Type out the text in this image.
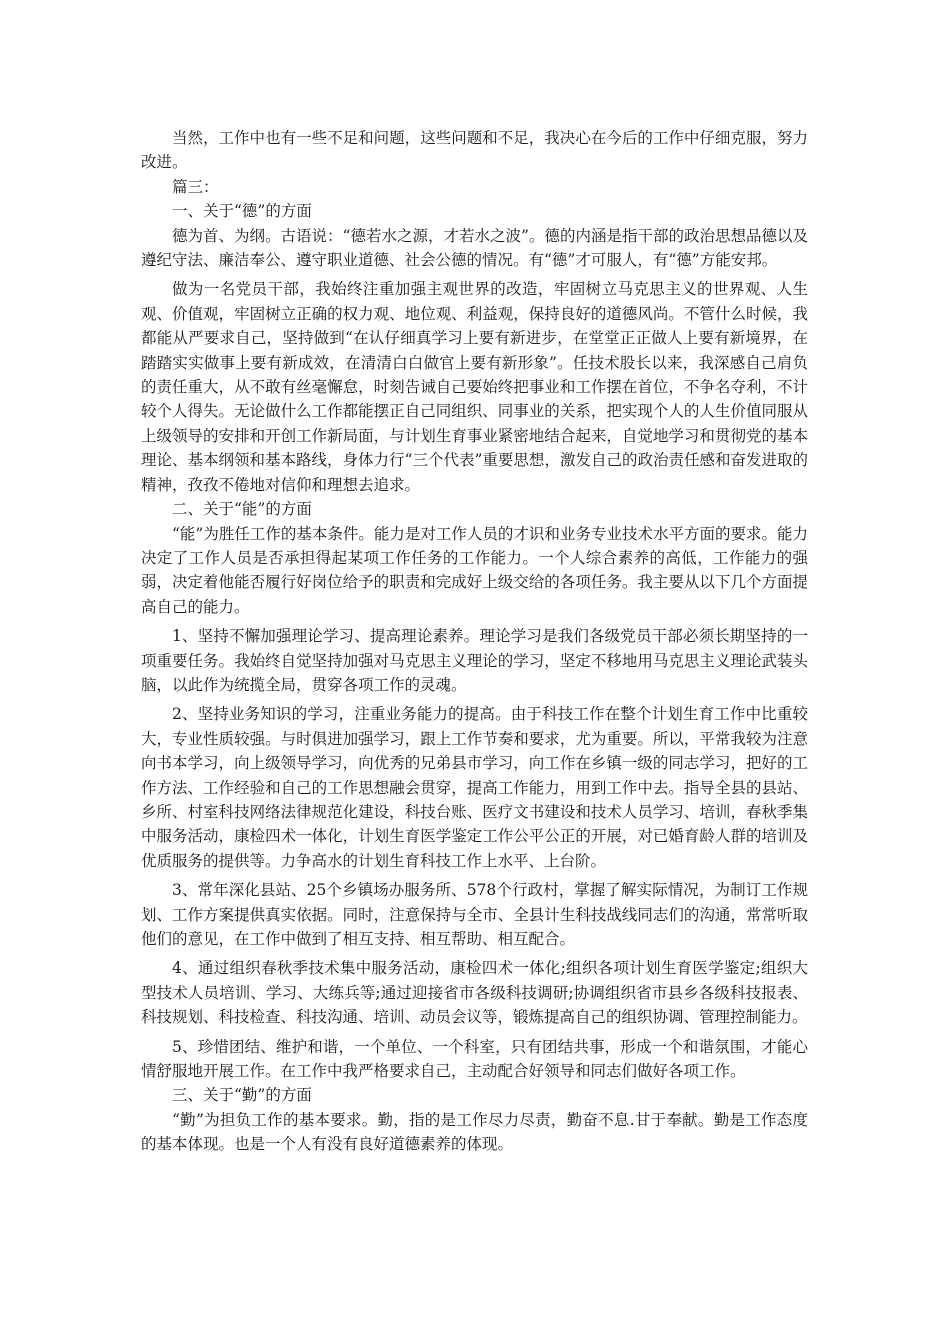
当然，工作中也有一些不足和问题，这些问题和不足，我决心在今后的工作中仔细克服，努力改进。

篇三：
一、关于“德”的方面

德为首、为纲。古语说：“德若水之源，才若水之波”。德的内涵是指干部的政治思想品德以及遵纪守法、廉洁奉公、遵守职业道德、社会公德的情况。有“德”才可服人，有“德”方能安邦。

做为一名党员干部，我始终注重加强主观世界的改造，牢固树立马克思主义的世界观、人生观、价值观，牢固树立正确的权力观、地位观、利益观，保持良好的道德风尚。不管什么时候，我都能从严要求自己，坚持做到“在认仔细真学习上要有新进步，在堂堂正正做人上要有新境界，在踏踏实实做事上要有新成效，在清清白白做官上要有新形象”。任技术股长以来，我深感自己肩负的责任重大，从不敢有丝毫懈怠，时刻告诫自己要始终把事业和工作摆在首位，不争名夺利，不计较个人得失。无论做什么工作都能摆正自己同组织、同事业的关系，把实现个人的人生价值同服从上级领导的安排和开创工作新局面，与计划生育事业紧密地结合起来，自觉地学习和贯彻党的基本理论、基本纲领和基本路线，身体力行“三个代表”重要思想，激发自己的政治责任感和奋发进取的精神，孜孜不倦地对信仰和理想去追求。

二、关于“能”的方面

“能”为胜任工作的基本条件。能力是对工作人员的才识和业务专业技术水平方面的要求。能力决定了工作人员是否承担得起某项工作任务的工作能力。一个人综合素养的高低，工作能力的强弱，决定着他能否履行好岗位给予的职责和完成好上级交给的各项任务。我主要从以下几个方面提高自己的能力。

1、坚持不懈加强理论学习、提高理论素养。理论学习是我们各级党员干部必须长期坚持的一项重要任务。我始终自觉坚持加强对马克思主义理论的学习，坚定不移地用马克思主义理论武装头脑，以此作为统揽全局，贯穿各项工作的灵魂。

2、坚持业务知识的学习，注重业务能力的提高。由于科技工作在整个计划生育工作中比重较大，专业性质较强。与时俱进加强学习，跟上工作节奏和要求，尤为重要。所以，平常我较为注意向书本学习，向上级领导学习，向优秀的兄弟县市学习，向工作在乡镇一级的同志学习，把好的工作方法、工作经验和自己的工作思想融会贯穿，提高工作能力，用到工作中去。指导全县的县站、乡所、村室科技网络法律规范化建设，科技台账、医疗文书建设和技术人员学习、培训，春秋季集中服务活动，康检四术一体化，计划生育医学鉴定工作公平公正的开展，对已婚育龄人群的培训及优质服务的提供等。力争高水的计划生育科技工作上水平、上台阶。

3、常年深化县站、25个乡镇场办服务所、578个行政村，掌握了解实际情况，为制订工作规划、工作方案提供真实依据。同时，注意保持与全市、全县计生科技战线同志们的沟通，常常听取他们的意见，在工作中做到了相互支持、相互帮助、相互配合。

4、通过组织春秋季技术集中服务活动，康检四术一体化;组织各项计划生育医学鉴定;组织大型技术人员培训、学习、大练兵等;通过迎接省市各级科技调研;协调组织省市县乡各级科技报表、科技规划、科技检查、科技沟通、培训、动员会议等，锻炼提高自己的组织协调、管理控制能力。

5、珍惜团结、维护和谐，一个单位、一个科室，只有团结共事，形成一个和谐氛围，才能心情舒服地开展工作。在工作中我严格要求自己，主动配合好领导和同志们做好各项工作。

三、关于“勤”的方面

“勤”为担负工作的基本要求。勤，指的是工作尽力尽责，勤奋不息.甘于奉献。勤是工作态度的基本体现。也是一个人有没有良好道德素养的体现。
